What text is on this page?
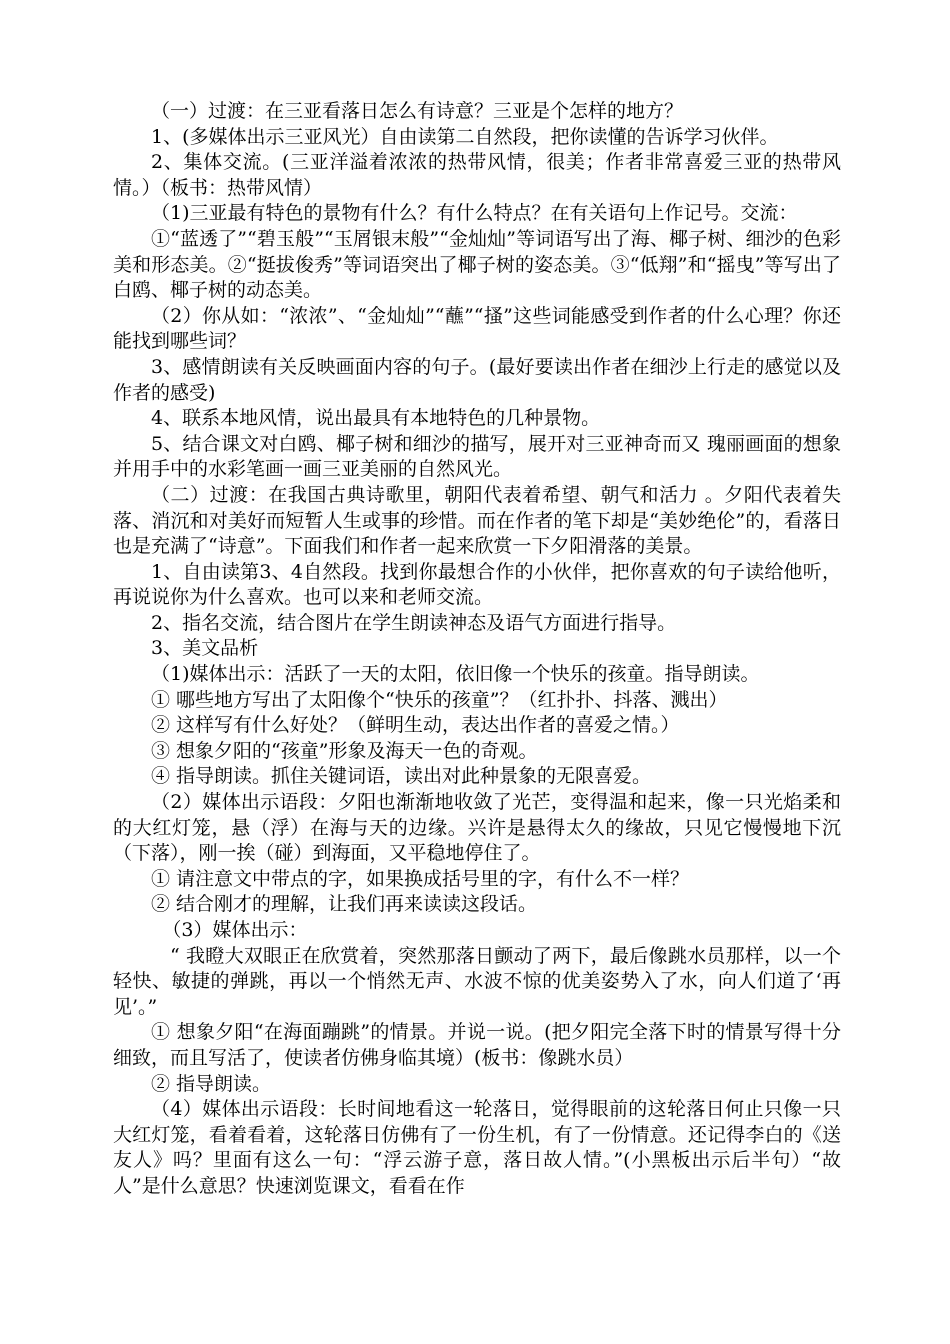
（一）过渡：在三亚看落日怎么有诗意？三亚是个怎样的地方？

1、(多媒体出示三亚风光）自由读第二自然段，把你读懂的告诉学习伙伴。

2、集体交流。(三亚洋溢着浓浓的热带风情，很美；作者非常喜爱三亚的热带风情。）（板书：热带风情）

（1)三亚最有特色的景物有什么？有什么特点？在有关语句上作记号。交流：

①“蓝透了”“碧玉般”“玉屑银末般”“金灿灿”等词语写出了海、椰子树、细沙的色彩美和形态美。②“挺拔俊秀”等词语突出了椰子树的姿态美。③“低翔”和“摇曳”等写出了白鸥、椰子树的动态美。

（2）你从如：“浓浓”、“金灿灿”“蘸”“搔”这些词能感受到作者的什么心理？你还能找到哪些词？

3、感情朗读有关反映画面内容的句子。(最好要读出作者在细沙上行走的感觉以及作者的感受)

4、联系本地风情，说出最具有本地特色的几种景物。

5、结合课文对白鸥、椰子树和细沙的描写，展开对三亚神奇而又 瑰丽画面的想象并用手中的水彩笔画一画三亚美丽的自然风光。

（二）过渡：在我国古典诗歌里，朝阳代表着希望、朝气和活力 。夕阳代表着失落、消沉和对美好而短暂人生或事的珍惜。而在作者的笔下却是“美妙绝伦”的，看落日也是充满了“诗意”。下面我们和作者一起来欣赏一下夕阳滑落的美景。

1、自由读第3、4自然段。找到你最想合作的小伙伴，把你喜欢的句子读给他听，再说说你为什么喜欢。也可以来和老师交流。

2、指名交流，结合图片在学生朗读神态及语气方面进行指导。

3、美文品析

（1)媒体出示：活跃了一天的太阳，依旧像一个快乐的孩童。指导朗读。

① 哪些地方写出了太阳像个“快乐的孩童”？（红扑扑、抖落、溅出）

② 这样写有什么好处？（鲜明生动，表达出作者的喜爱之情。）

③ 想象夕阳的“孩童”形象及海天一色的奇观。

④ 指导朗读。抓住关键词语，读出对此种景象的无限喜爱。

（2）媒体出示语段：夕阳也渐渐地收敛了光芒，变得温和起来，像一只光焰柔和的大红灯笼，悬（浮）在海与天的边缘。兴许是悬得太久的缘故，只见它慢慢地下沉（下落），刚一挨（碰）到海面，又平稳地停住了。

① 请注意文中带点的字，如果换成括号里的字，有什么不一样？

② 结合刚才的理解，让我们再来读读这段话。

（3）媒体出示：

“ 我瞪大双眼正在欣赏着，突然那落日颤动了两下，最后像跳水员那样，以一个轻快、敏捷的弹跳，再以一个悄然无声、水波不惊的优美姿势入了水，向人们道了‘再见’。”

① 想象夕阳“在海面蹦跳”的情景。并说一说。(把夕阳完全落下时的情景写得十分细致，而且写活了，使读者仿佛身临其境）(板书：像跳水员）

② 指导朗读。

（4）媒体出示语段：长时间地看这一轮落日，觉得眼前的这轮落日何止只像一只大红灯笼，看着看着，这轮落日仿佛有了一份生机，有了一份情意。还记得李白的《送友人》吗？里面有这么一句：“浮云游子意，落日故人情。”(小黑板出示后半句）“故人”是什么意思？快速浏览课文，看看在作
